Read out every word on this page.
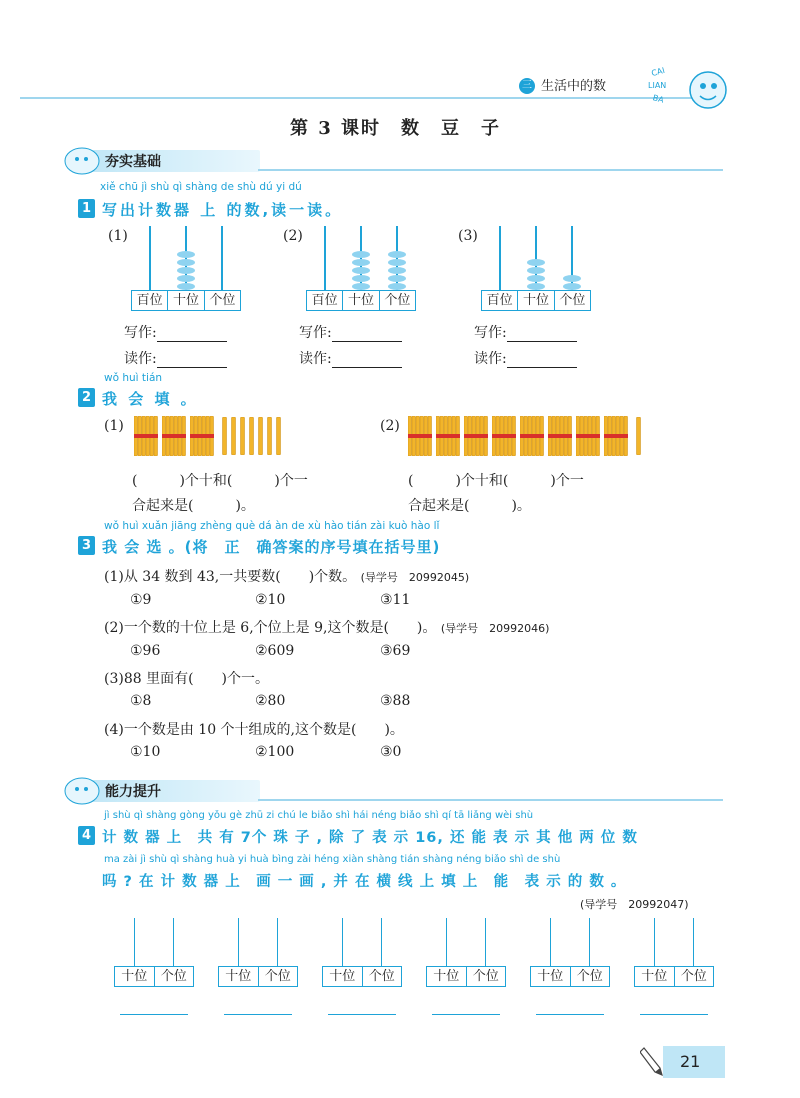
三 生活中的数
CAI
LIAN
BA
第 3 课时　数　豆　子
夯实基础
xiě chū jì shù qì shàng de shù dú yi dú
1 写出计数器 上 的数,读一读。
(1)
百位 十位 个位
写作:
读作:
(2)
百位 十位 个位
写作:
读作:
(3)
百位 十位 个位
写作:
读作:
wǒ huì tián
2 我 会 填 。
(1)	(2)
(　　　)个十和(　　　)个一
合起来是(　　　)。
(　　　)个十和(　　　)个一
合起来是(　　　)。
wǒ huì xuǎn jiāng zhèng què dá àn de xù hào tián zài kuò hào lǐ
3 我 会 选 。(将　正　确答案的序号填在括号里)
(1)从 34 数到 43,一共要数(　　)个数。 (导学号　20992045)
①9	②10	③11
(2)一个数的十位上是 6,个位上是 9,这个数是(　　)。 (导学号　20992046)
①96	②609	③69
(3)88 里面有(　　)个一。
①8	②80	③88
(4)一个数是由 10 个十组成的,这个数是(　　)。
①10	②100	③0
能力提升
jì shù qì shàng gòng yǒu gè zhū zi chú le biǎo shì hái néng biǎo shì qí tā liǎng wèi shù
4 计 数 器 上　共 有 7个 珠 子 , 除 了 表 示 16, 还 能 表 示 其 他 两 位 数
ma zài jì shù qì shàng huà yi huà bìng zài héng xiàn shàng tián shàng néng biǎo shì de shù
吗 ? 在 计 数 器 上　画 一 画 , 并 在 横 线 上 填 上　能　表 示 的 数 。
(导学号　20992047)
十位	个位	十位	个位	十位	个位	十位	个位	十位	个位	十位	个位
21
